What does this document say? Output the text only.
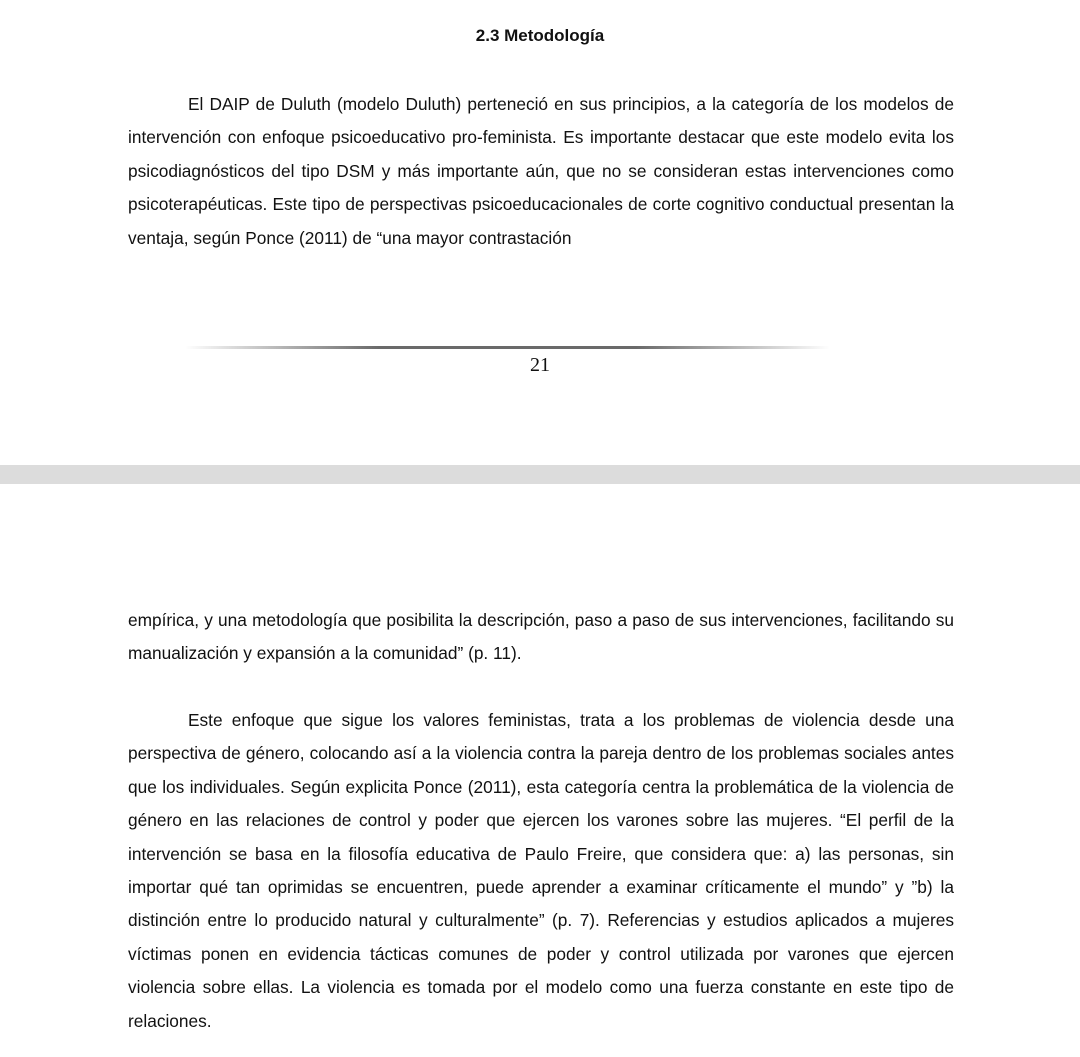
2.3 Metodología

El DAIP de Duluth (modelo Duluth) perteneció en sus principios, a la categoría de los modelos de intervención con enfoque psicoeducativo pro-feminista. Es importante destacar que este modelo evita los psicodiagnósticos del tipo DSM y más importante aún, que no se consideran estas intervenciones como psicoterapéuticas. Este tipo de perspectivas psicoeducacionales de corte cognitivo conductual presentan la ventaja, según Ponce (2011) de “una mayor contrastación

21

empírica, y una metodología que posibilita la descripción, paso a paso de sus intervenciones, facilitando su manualización y expansión a la comunidad” (p. 11).

Este enfoque que sigue los valores feministas, trata a los problemas de violencia desde una perspectiva de género, colocando así a la violencia contra la pareja dentro de los problemas sociales antes que los individuales. Según explicita Ponce (2011), esta categoría centra la problemática de la violencia de género en las relaciones de control y poder que ejercen los varones sobre las mujeres. “El perfil de la intervención se basa en la filosofía educativa de Paulo Freire, que considera que: a) las personas, sin importar qué tan oprimidas se encuentren, puede aprender a examinar críticamente el mundo” y ”b) la distinción entre lo producido natural y culturalmente” (p. 7). Referencias y estudios aplicados a mujeres víctimas ponen en evidencia tácticas comunes de poder y control utilizada por varones que ejercen violencia sobre ellas. La violencia es tomada por el modelo como una fuerza constante en este tipo de relaciones.
